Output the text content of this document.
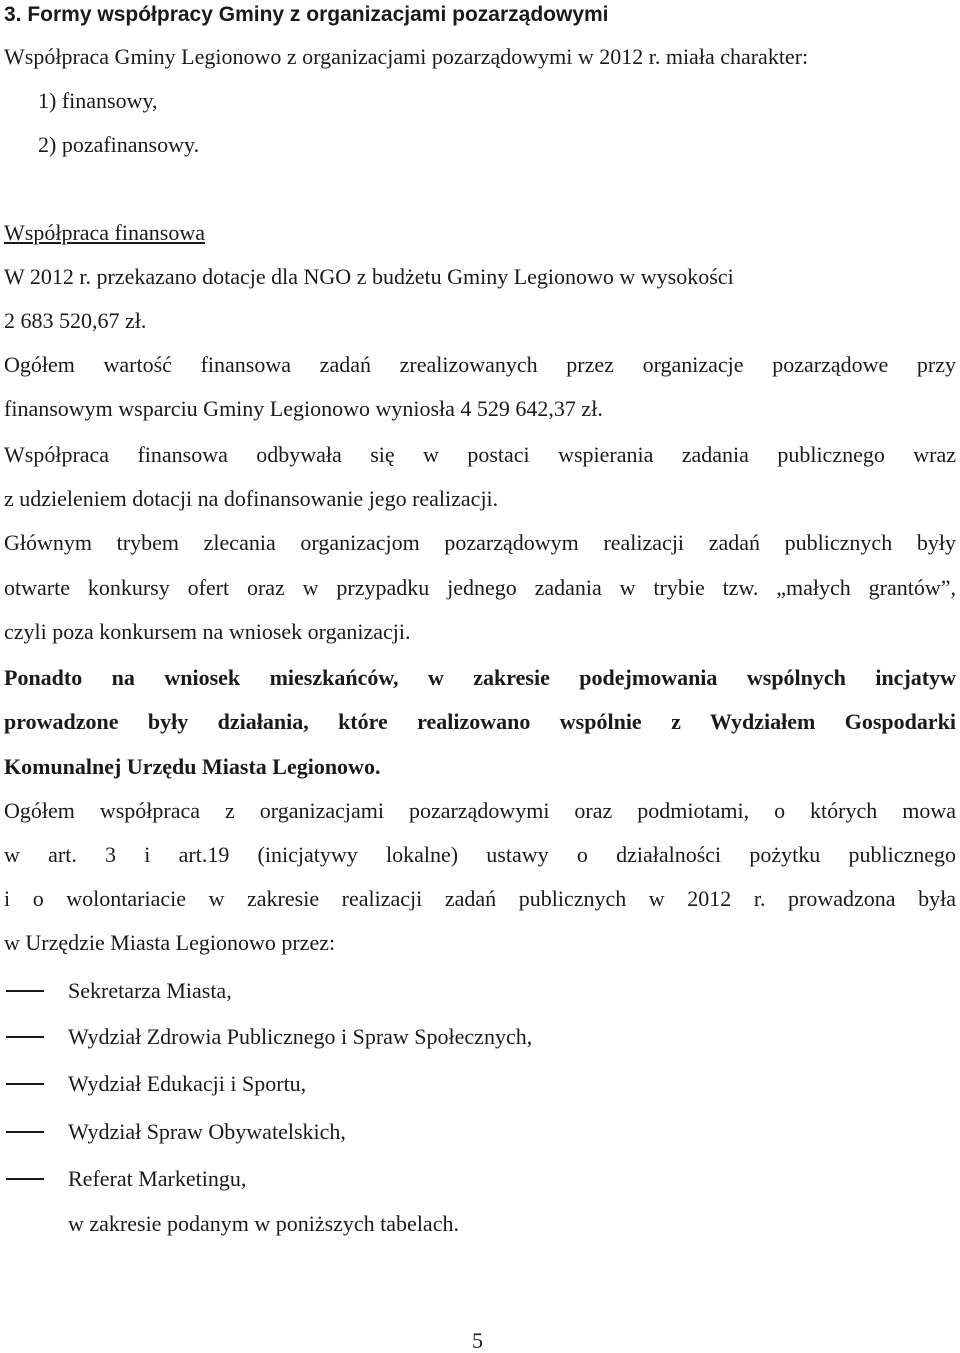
3. Formy współpracy Gminy z organizacjami pozarządowymi
Współpraca Gminy Legionowo z organizacjami pozarządowymi w 2012 r. miała charakter:
1) finansowy,
2) pozafinansowy.
Współpraca finansowa
W 2012 r. przekazano dotacje dla NGO z budżetu Gminy Legionowo w wysokości
2 683 520,67 zł.
Ogółem wartość finansowa zadań zrealizowanych przez organizacje pozarządowe przy
finansowym wsparciu Gminy Legionowo wyniosła 4 529 642,37 zł.
Współpraca finansowa odbywała się w postaci wspierania zadania publicznego wraz
z udzieleniem dotacji na dofinansowanie jego realizacji.
Głównym trybem zlecania organizacjom pozarządowym realizacji zadań publicznych były
otwarte konkursy ofert oraz w przypadku jednego zadania w trybie tzw. „małych grantów”,
czyli poza konkursem na wniosek organizacji.
Ponadto na wniosek mieszkańców, w zakresie podejmowania wspólnych incjatyw
prowadzone były działania, które realizowano wspólnie z Wydziałem Gospodarki
Komunalnej Urzędu Miasta Legionowo.
Ogółem współpraca z organizacjami pozarządowymi oraz podmiotami, o których mowa
w art. 3 i art.19 (inicjatywy lokalne) ustawy o działalności pożytku publicznego
i o wolontariacie w zakresie realizacji zadań publicznych w 2012 r. prowadzona była
w Urzędzie Miasta Legionowo przez:
Sekretarza Miasta,
Wydział Zdrowia Publicznego i Spraw Społecznych,
Wydział Edukacji i Sportu,
Wydział Spraw Obywatelskich,
Referat Marketingu,
w zakresie podanym w poniższych tabelach.
5
